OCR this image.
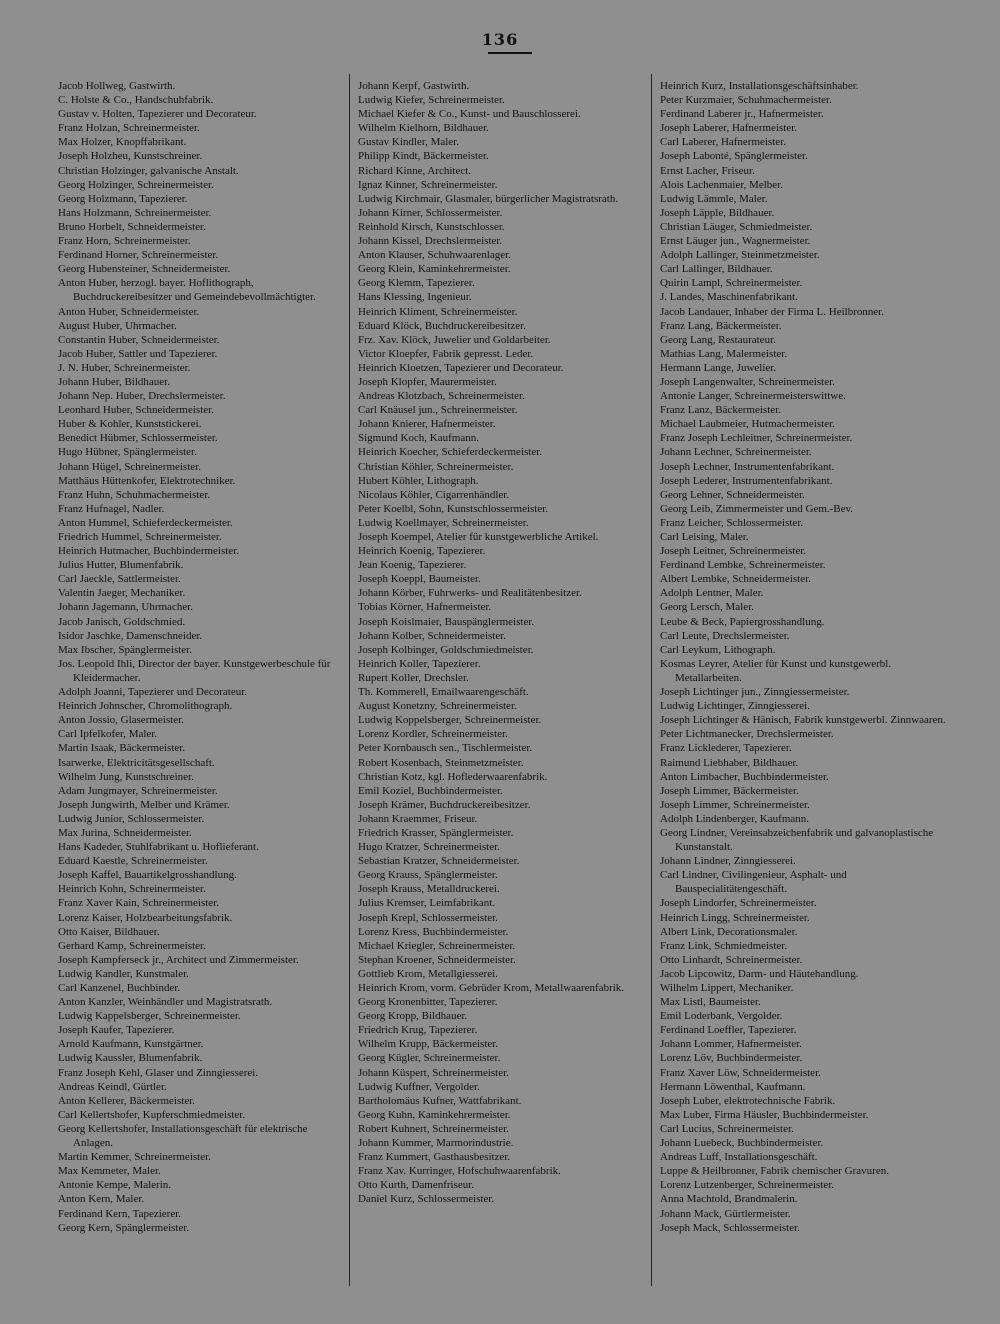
136
Jacob Hollweg, Gastwirth.
C. Holste & Co., Handschuhfabrik.
Gustav v. Holten, Tapezierer und Decorateur.
Franz Holzan, Schreinermeister.
Max Holzer, Knopffabrikant.
Joseph Holzheu, Kunstschreiner.
Christian Holzinger, galvanische Anstalt.
Georg Holzinger, Schreinermeister.
Georg Holzmann, Tapezierer.
Hans Holzmann, Schreinermeister.
Bruno Horbelt, Schneidermeister.
Franz Horn, Schreinermeister.
Ferdinand Horner, Schreinermeister.
Georg Hubensteiner, Schneidermeister.
Anton Huber, herzogl. bayer. Hoflithograph, Buchdruckereibesitzer und Gemeindebevollmächtigter.
Anton Huber, Schneidermeister.
August Huber, Uhrmacher.
Constantin Huber, Schneidermeister.
Jacob Huber, Sattler und Tapezierer.
J. N. Huber, Schreinermeister.
Johann Huber, Bildhauer.
Johann Nep. Huber, Drechslermeister.
Leonhard Huber, Schneidermeister.
Huber & Kohler, Kunststickerei.
Benedict Hübmer, Schlossermeister.
Hugo Hübner, Spänglermeister.
Johann Hügel, Schreinermeister.
Matthäus Hüttenkofer, Elektrotechniker.
Franz Huhn, Schuhmachermeister.
Franz Hufnagel, Nadler.
Anton Hummel, Schieferdeckermeister.
Friedrich Hummel, Schreinermeister.
Heinrich Hutmacher, Buchbindermeister.
Julius Hutter, Blumenfabrik.
Carl Jaeckle, Sattlermeister.
Valentin Jaeger, Mechaniker.
Johann Jagemann, Uhrmacher.
Jacob Janisch, Goldschmied.
Isidor Jaschke, Damenschneider.
Max Ibscher, Spänglermeister.
Jos. Leopold Ihli, Director der bayer. Kunstgewerbeschule für Kleidermacher.
Adolph Joanni, Tapezierer und Decorateur.
Heinrich Johnscher, Chromolithograph.
Anton Jossio, Glasermeister.
Carl Ipfelkofer, Maler.
Martin Isaak, Bäckermeister.
Isarwerke, Elektricitätsgesellschaft.
Wilhelm Jung, Kunstschreiner.
Adam Jungmayer, Schreinermeister.
Joseph Jungwirth, Melber und Krämer.
Ludwig Junior, Schlossermeister.
Max Jurina, Schneidermeister.
Hans Kadeder, Stuhlfabrikant u. Hoflieferant.
Eduard Kaestle, Schreinermeister.
Joseph Kaffel, Bauartikelgrosshandlung.
Heinrich Kohn, Schreinermeister.
Franz Xaver Kain, Schreinermeister.
Lorenz Kaiser, Holzbearbeitungsfabrik.
Otto Kaiser, Bildhauer.
Gerhard Kamp, Schreinermeister.
Joseph Kampferseck jr., Architect und Zimmermeister.
Ludwig Kandler, Kunstmaler.
Carl Kanzenel, Buchbinder.
Anton Kanzler, Weinhändler und Magistratsrath.
Ludwig Kappelsberger, Schreinermeister.
Joseph Kaufer, Tapezierer.
Arnold Kaufmann, Kunstgärtner.
Ludwig Kaussler, Blumenfabrik.
Franz Joseph Kehl, Glaser und Zinngiesserei.
Andreas Keindl, Gürtler.
Anton Kellerer, Bäckermeister.
Carl Kellertshofer, Kupferschmiedmeister.
Georg Kellertshofer, Installationsgeschäft für elektrische Anlagen.
Martin Kemmer, Schreinermeister.
Max Kemmeter, Maler.
Antonie Kempe, Malerin.
Anton Kern, Maler.
Ferdinand Kern, Tapezierer.
Georg Kern, Spänglermeister.
Johann Kerpf, Gastwirth.
Ludwig Kiefer, Schreinermeister.
Michael Kiefer & Co., Kunst- und Bauschlosserei.
Wilhelm Kielhorn, Bildhauer.
Gustav Kindler, Maler.
Philipp Kindt, Bäckermeister.
Richard Kinne, Architect.
Ignaz Kinner, Schreinermeister.
Ludwig Kirchmair, Glasmaler, bürgerlicher Magistratsrath.
Johann Kirner, Schlossermeister.
Reinhold Kirsch, Kunstschlosser.
Johann Kissel, Drechslermeister.
Anton Klauser, Schuhwaarenlager.
Georg Klein, Kaminkehrermeister.
Georg Klemm, Tapezierer.
Hans Klessing, Ingenieur.
Heinrich Kliment, Schreinermeister.
Eduard Klöck, Buchdruckereibesitzer.
Frz. Xav. Klöck, Juwelier und Goldarbeiter.
Victor Kloepfer, Fabrik gepresst. Leder.
Heinrich Kloetzen, Tapezierer und Decorateur.
Joseph Klopfer, Maurermeister.
Andreas Klotzbach, Schreinermeister.
Carl Knäusel jun., Schreinermeister.
Johann Knierer, Hafnermeister.
Sigmund Koch, Kaufmann.
Heinrich Koecher, Schieferdeckermeister.
Christian Köhler, Schreinermeister.
Hubert Köhler, Lithograph.
Nicolaus Köhler, Cigarrenhändler.
Peter Koelbl, Sohn, Kunstschlossermeister.
Ludwig Koellmayer, Schreinermeister.
Joseph Koempel, Atelier für kunstgewerbliche Artikel.
Heinrich Koenig, Tapezierer.
Jean Koenig, Tapezierer.
Joseph Koeppl, Baumeister.
Johann Körber, Fuhrwerks- und Realitätenbesitzer.
Tobias Körner, Hafnermeister.
Joseph Koislmaier, Bauspänglermeister.
Johann Kolber, Schneidermeister.
Joseph Kolbinger, Goldschmiedmeister.
Heinrich Koller, Tapezierer.
Rupert Koller, Drechsler.
Th. Kommerell, Emailwaarengeschäft.
August Konetzny, Schreinermeister.
Ludwig Koppelsberger, Schreinermeister.
Lorenz Kordler, Schreinermeister.
Peter Kornbausch sen., Tischlermeister.
Robert Kosenbach, Steinmetzmeister.
Christian Kotz, kgl. Hoflederwaarenfabrik.
Emil Koziel, Buchbindermeister.
Joseph Krämer, Buchdruckereibesitzer.
Johann Kraemmer, Friseur.
Friedrich Krasser, Spänglermeister.
Hugo Kratzer, Schreinermeister.
Sebastian Kratzer, Schneidermeister.
Georg Krauss, Spänglermeister.
Joseph Krauss, Metalldruckerei.
Julius Kremser, Leimfabrikant.
Joseph Krepl, Schlossermeister.
Lorenz Kress, Buchbindermeister.
Michael Kriegler, Schreinermeister.
Stephan Kroener, Schneidermeister.
Gottlieb Krom, Metallgiesserei.
Heinrich Krom, vorm. Gebrüder Krom, Metallwaarenfabrik.
Georg Kronenbitter, Tapezierer.
Georg Kropp, Bildhauer.
Friedrich Krug, Tapezierer.
Wilhelm Krupp, Bäckermeister.
Georg Kügler, Schreinermeister.
Johann Küspert, Schreinermeister.
Ludwig Kuffner, Vergolder.
Bartholomäus Kufner, Wattfabrikant.
Georg Kuhn, Kaminkehrermeister.
Robert Kuhnert, Schreinermeister.
Johann Kummer, Marmorindustrie.
Franz Kummert, Gasthausbesitzer.
Franz Xav. Kurringer, Hofschuhwaarenfabrik.
Otto Kurth, Damenfriseur.
Daniel Kurz, Schlossermeister.
Heinrich Kurz, Installationsgeschäftsinhaber.
Peter Kurzmaier, Schuhmachermeister.
Ferdinand Laberer jr., Hafnermeister.
Joseph Laberer, Hafnermeister.
Carl Laberer, Hafnermeister.
Joseph Labonté, Spänglermeister.
Ernst Lacher, Friseur.
Alois Lachenmaier, Melber.
Ludwig Lämmle, Maler.
Joseph Läpple, Bildhauer.
Christian Läuger, Schmiedmeister.
Ernst Läuger jun., Wagnermeister.
Adolph Lallinger, Steinmetzmeister.
Carl Lallinger, Bildhauer.
Quirin Lampl, Schreinermeister.
J. Landes, Maschinenfabrikant.
Jacob Landauer, Inhaber der Firma L. Heilbronner.
Franz Lang, Bäckermeister.
Georg Lang, Restaurateur.
Mathias Lang, Malermeister.
Hermann Lange, Juwelier.
Joseph Langenwalter, Schreinermeister.
Antonie Langer, Schreinermeisterswittwe.
Franz Lanz, Bäckermeister.
Michael Laubmeier, Hutmachermeister.
Franz Joseph Lechleitner, Schreinermeister.
Johann Lechner, Schreinermeister.
Joseph Lechner, Instrumentenfabrikant.
Joseph Lederer, Instrumentenfabrikant.
Georg Lehner, Schneidermeister.
Georg Leib, Zimmermeister und Gem.-Bev.
Franz Leicher, Schlossermeister.
Carl Leising, Maler.
Joseph Leitner, Schreinermeister.
Ferdinand Lembke, Schreinermeister.
Albert Lembke, Schneidermeister.
Adolph Lentner, Maler.
Georg Lersch, Maler.
Leube & Beck, Papiergrosshandlung.
Carl Leute, Drechslermeister.
Carl Leykum, Lithograph.
Kosmas Leyrer, Atelier für Kunst und kunstgewerbl. Metallarbeiten.
Joseph Lichtinger jun., Zinngiessermeister.
Ludwig Lichtinger, Zinngiesserei.
Joseph Lichtinger & Hänisch, Fabrik kunstgewerbl. Zinnwaaren.
Peter Lichtmanecker, Drechslermeister.
Franz Licklederer, Tapezierer.
Raimund Liebhaber, Bildhauer.
Anton Limbacher, Buchbindermeister.
Joseph Limmer, Bäckermeister.
Joseph Limmer, Schreinermeister.
Adolph Lindenberger, Kaufmann.
Georg Lindner, Vereinsabzeichenfabrik und galvanoplastische Kunstanstalt.
Johann Lindner, Zinngiesserei.
Carl Lindner, Civilingenieur, Asphalt- und Bauspecialitätengeschäft.
Joseph Lindorfer, Schreinermeister.
Heinrich Lingg, Schreinermeister.
Albert Link, Decorationsmaler.
Franz Link, Schmiedmeister.
Otto Linhardt, Schreinermeister.
Jacob Lipcowitz, Darm- und Häutehandlung.
Wilhelm Lippert, Mechaniker.
Max Listl, Baumeister.
Emil Loderbank, Vergolder.
Ferdinand Loeffler, Tapezierer.
Johann Lommer, Hafnermeister.
Lorenz Löv, Buchbindermeister.
Franz Xaver Löw, Schneidermeister.
Hermann Löwenthal, Kaufmann.
Joseph Luber, elektrotechnische Fabrik.
Max Luber, Firma Häusler, Buchbindermeister.
Carl Lucius, Schreinermeister.
Johann Luebeck, Buchbindermeister.
Andreas Luff, Installationsgeschäft.
Luppe & Heilbronner, Fabrik chemischer Gravuren.
Lorenz Lutzenberger, Schreinermeister.
Anna Machtold, Brandmalerin.
Johann Mack, Gürtlermeister.
Joseph Mack, Schlossermeister.
